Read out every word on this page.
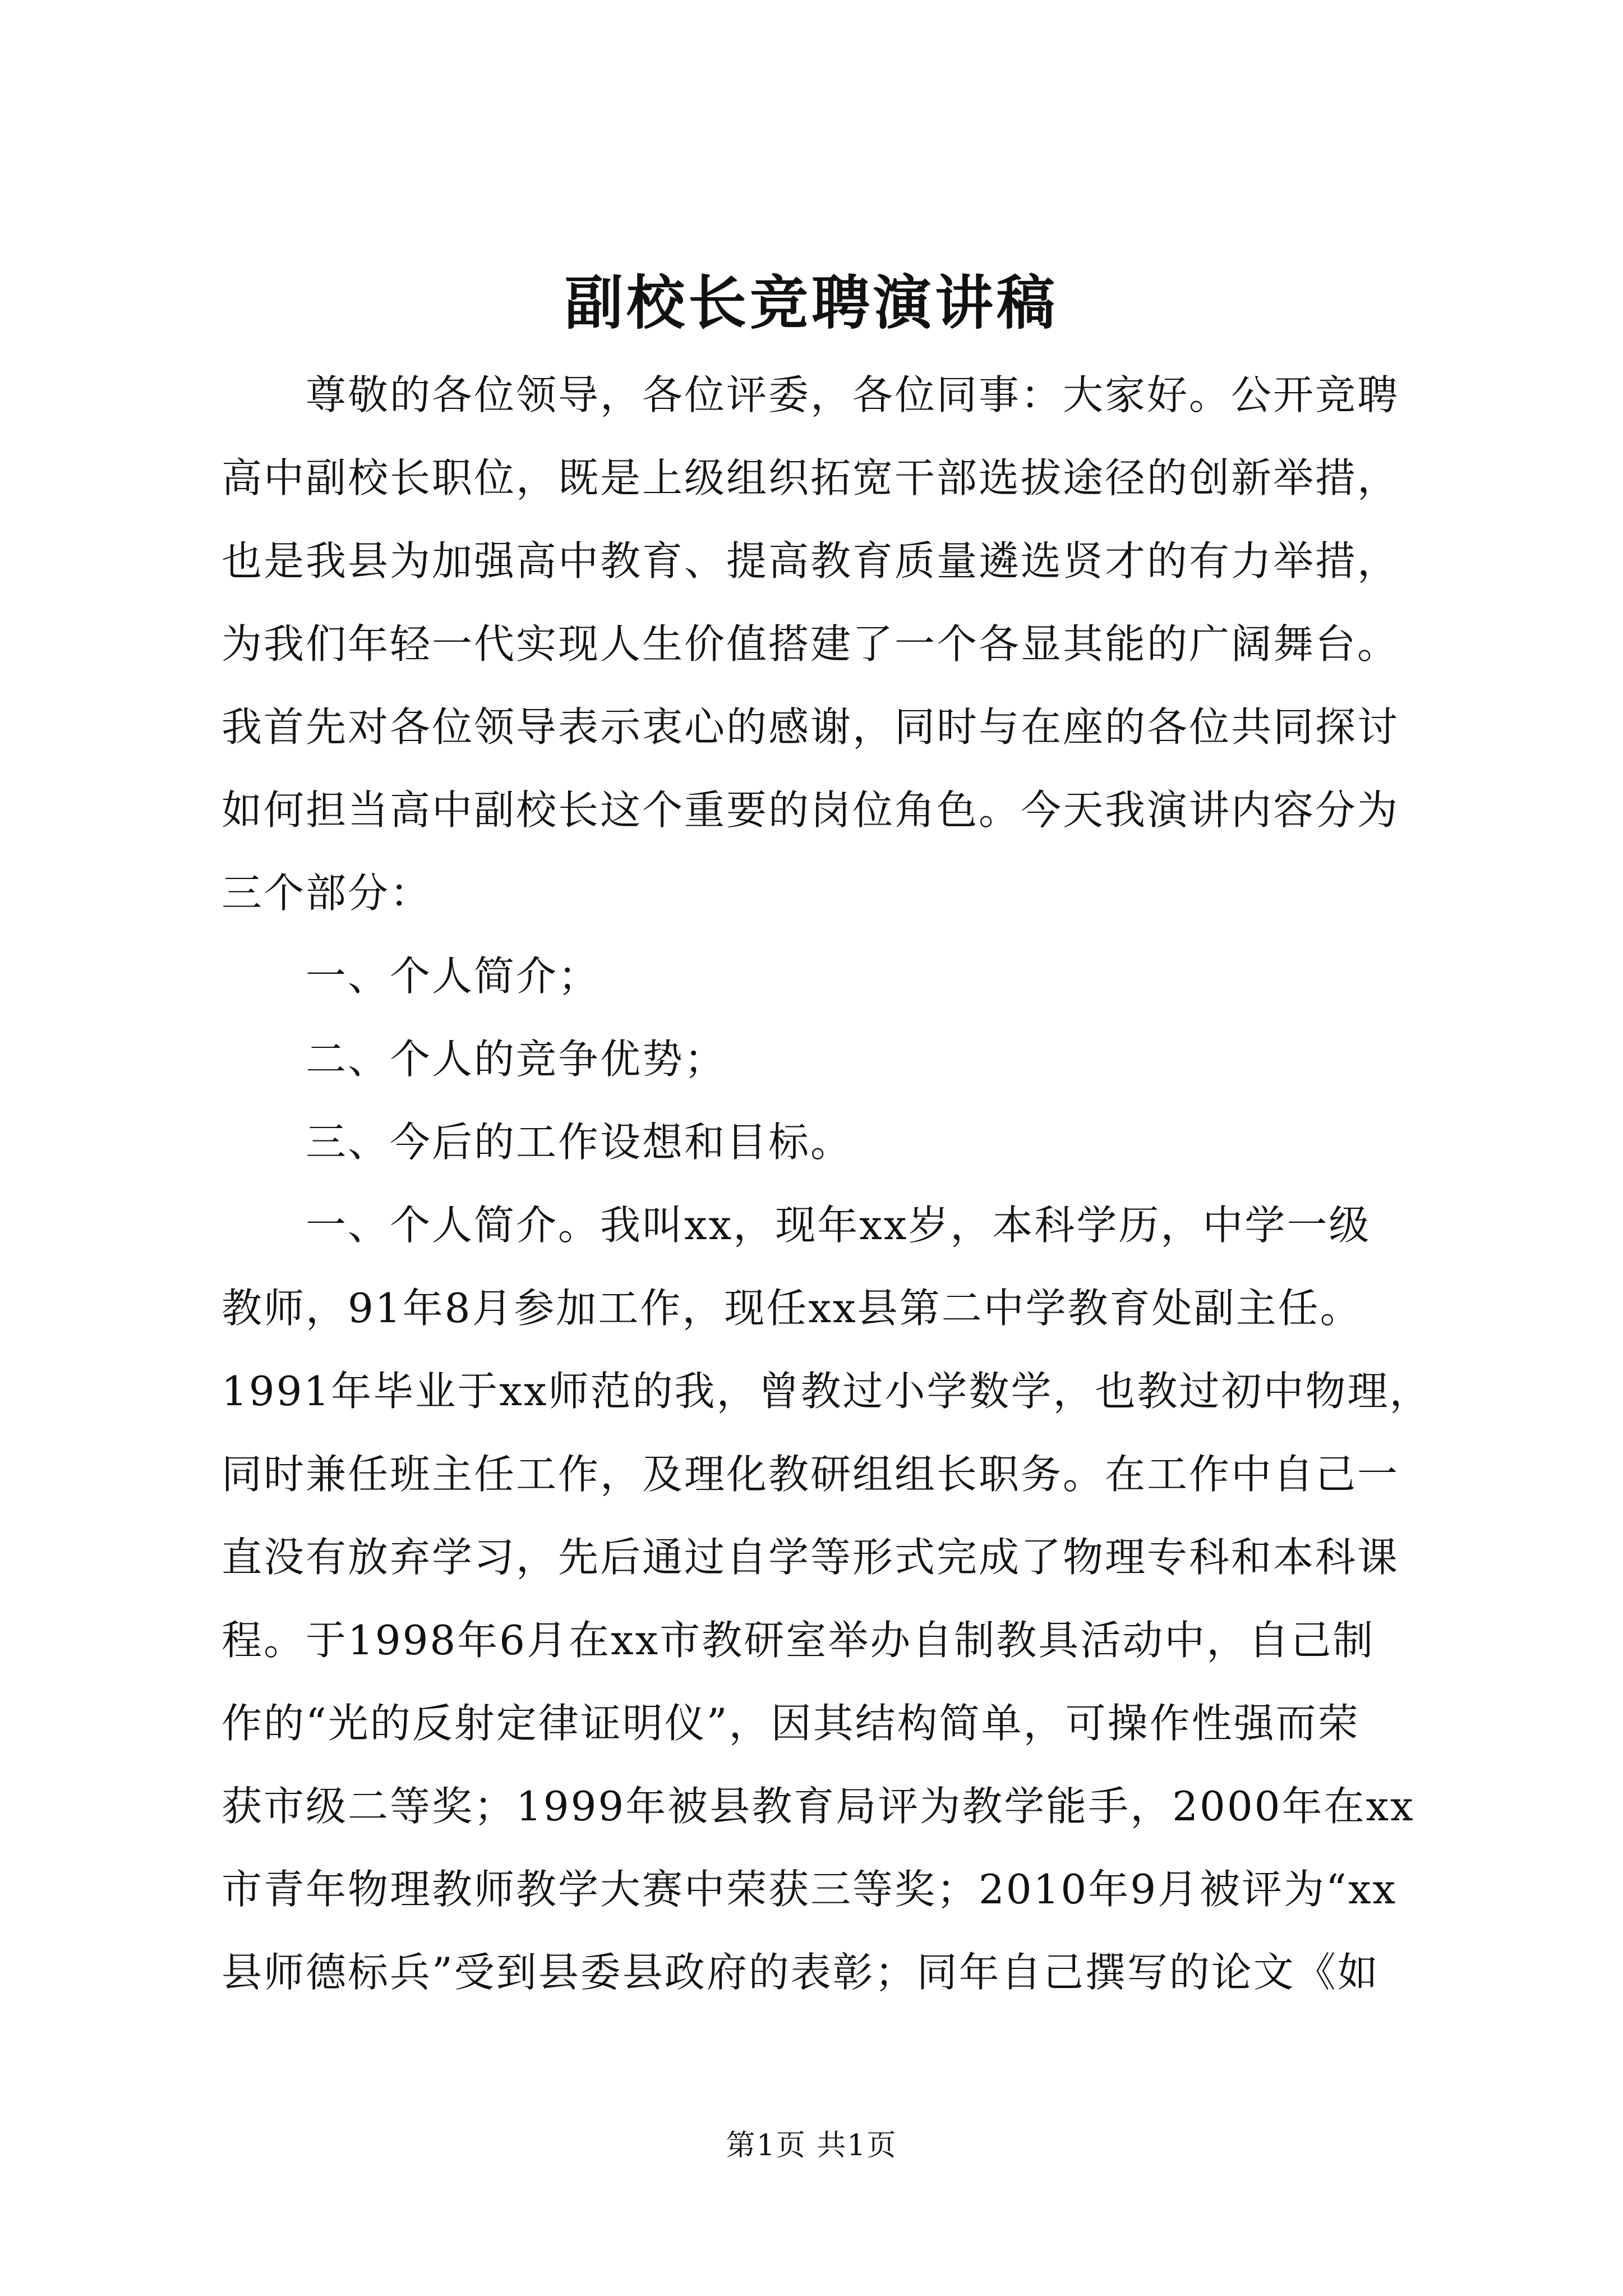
副校长竞聘演讲稿
尊敬的各位领导，各位评委，各位同事：大家好。公开竞聘
高中副校长职位，既是上级组织拓宽干部选拔途径的创新举措，
也是我县为加强高中教育、提高教育质量遴选贤才的有力举措，
为我们年轻一代实现人生价值搭建了一个各显其能的广阔舞台。
我首先对各位领导表示衷心的感谢，同时与在座的各位共同探讨
如何担当高中副校长这个重要的岗位角色。今天我演讲内容分为
三个部分：
一、个人简介；
二、个人的竞争优势；
三、今后的工作设想和目标。
一、个人简介。我叫xx，现年xx岁，本科学历，中学一级
教师，91年8月参加工作，现任xx县第二中学教育处副主任。
1991年毕业于xx师范的我，曾教过小学数学，也教过初中物理，
同时兼任班主任工作，及理化教研组组长职务。在工作中自己一
直没有放弃学习，先后通过自学等形式完成了物理专科和本科课
程。于1998年6月在xx市教研室举办自制教具活动中，自己制
作的“光的反射定律证明仪”，因其结构简单，可操作性强而荣
获市级二等奖；1999年被县教育局评为教学能手，2000年在xx
市青年物理教师教学大赛中荣获三等奖；2010年9月被评为“xx
县师德标兵”受到县委县政府的表彰；同年自己撰写的论文《如
第1页 共1页
